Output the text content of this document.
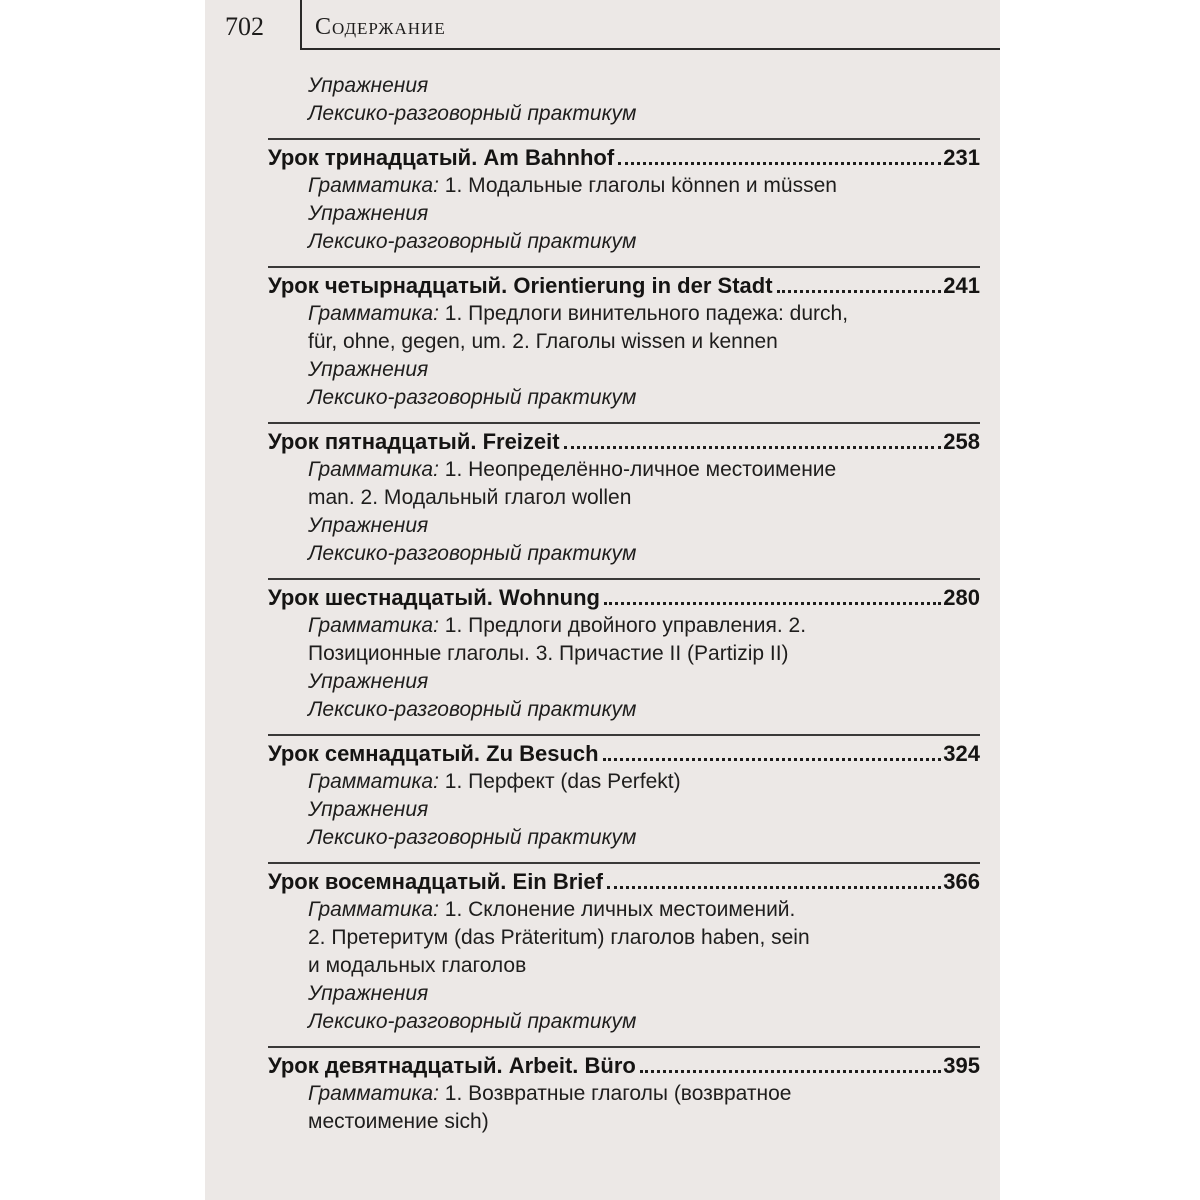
702 Содержание
Упражнения
Лексико-разговорный практикум
Урок тринадцатый. Am Bahnhof	231
Грамматика: 1. Модальные глаголы können и müssen
Упражнения
Лексико-разговорный практикум
Урок четырнадцатый. Orientierung in der Stadt	241
Грамматика: 1. Предлоги винительного падежа: durch,
für, ohne, gegen, um. 2. Глаголы wissen и kennen
Упражнения
Лексико-разговорный практикум
Урок пятнадцатый. Freizeit	258
Грамматика: 1. Неопределённо-личное местоимение
man. 2. Модальный глагол wollen
Упражнения
Лексико-разговорный практикум
Урок шестнадцатый. Wohnung	280
Грамматика: 1. Предлоги двойного управления. 2.
Позиционные глаголы. 3. Причастие II (Partizip II)
Упражнения
Лексико-разговорный практикум
Урок семнадцатый. Zu Besuch	324
Грамматика: 1. Перфект (das Perfekt)
Упражнения
Лексико-разговорный практикум
Урок восемнадцатый. Ein Brief	366
Грамматика: 1. Склонение личных местоимений.
2. Претеритум (das Präteritum) глаголов haben, sein
и модальных глаголов
Упражнения
Лексико-разговорный практикум
Урок девятнадцатый. Arbeit. Büro	395
Грамматика: 1. Возвратные глаголы (возвратное
местоимение sich)
